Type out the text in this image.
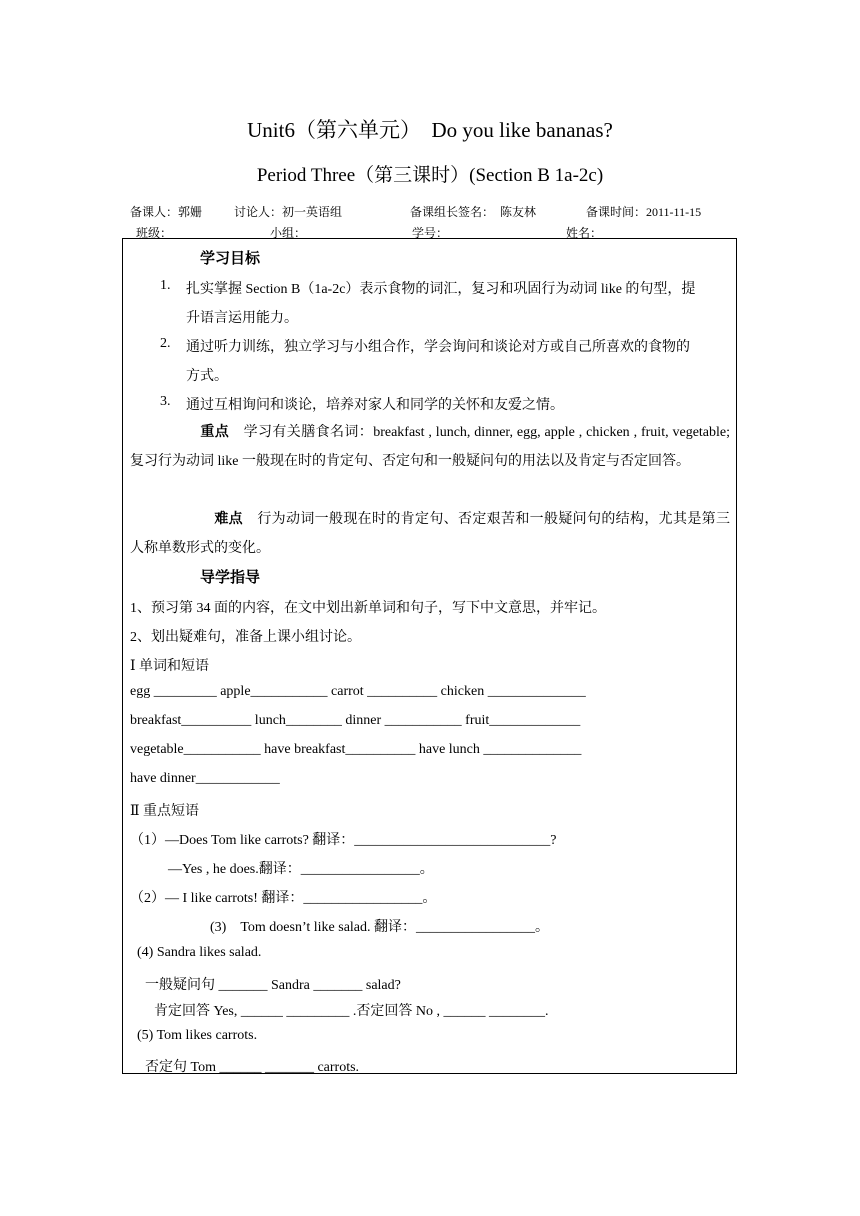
Unit6（第六单元）　Do you like bananas?
Period Three（第三课时）(Section B 1a-2c)
备课人：郭姗	讨论人：初一英语组	备课组长签名：　陈友林	备课时间：2011-11-15
班级：___________	小组：___________	学号：___________	姓名：___________
学习目标
1. 扎实掌握 Section B（1a-2c）表示食物的词汇，复习和巩固行为动词 like 的句型，提
升语言运用能力。
2. 通过听力训练，独立学习与小组合作，学会询问和谈论对方或自己所喜欢的食物的
方式。
3. 通过互相询问和谈论，培养对家人和同学的关怀和友爱之情。
重点　 学习有关膳食名词：breakfast , lunch, dinner, egg, apple , chicken , fruit, vegetable; 复习行为动词 like 一般现在时的肯定句、否定句和一般疑问句的用法以及肯定与否定回答。
难点　 行为动词一般现在时的肯定句、否定艰苦和一般疑问句的结构，尤其是第三人称单数形式的变化。
导学指导
1、预习第 34 面的内容，在文中划出新单词和句子，写下中文意思，并牢记。
2、划出疑难句，准备上课小组讨论。
Ⅰ 单词和短语
egg _________ apple___________ carrot __________ chicken ______________
breakfast__________ lunch________ dinner ___________ fruit_____________
vegetable___________ have breakfast__________ have lunch ______________
have dinner____________
Ⅱ 重点短语
（1）—Does Tom like carrots? 翻译：____________________________?
—Yes , he does.翻译：_________________。
（2）— I like carrots! 翻译：_________________。
(3)　Tom doesn’t like salad. 翻译：_________________。
(4) Sandra likes salad.
一般疑问句 _______ Sandra _______ salad?
肯定回答 Yes, ______ _________ .否定回答 No , ______ ________.
(5) Tom likes carrots.
否定句 Tom ______ _______ carrots.
